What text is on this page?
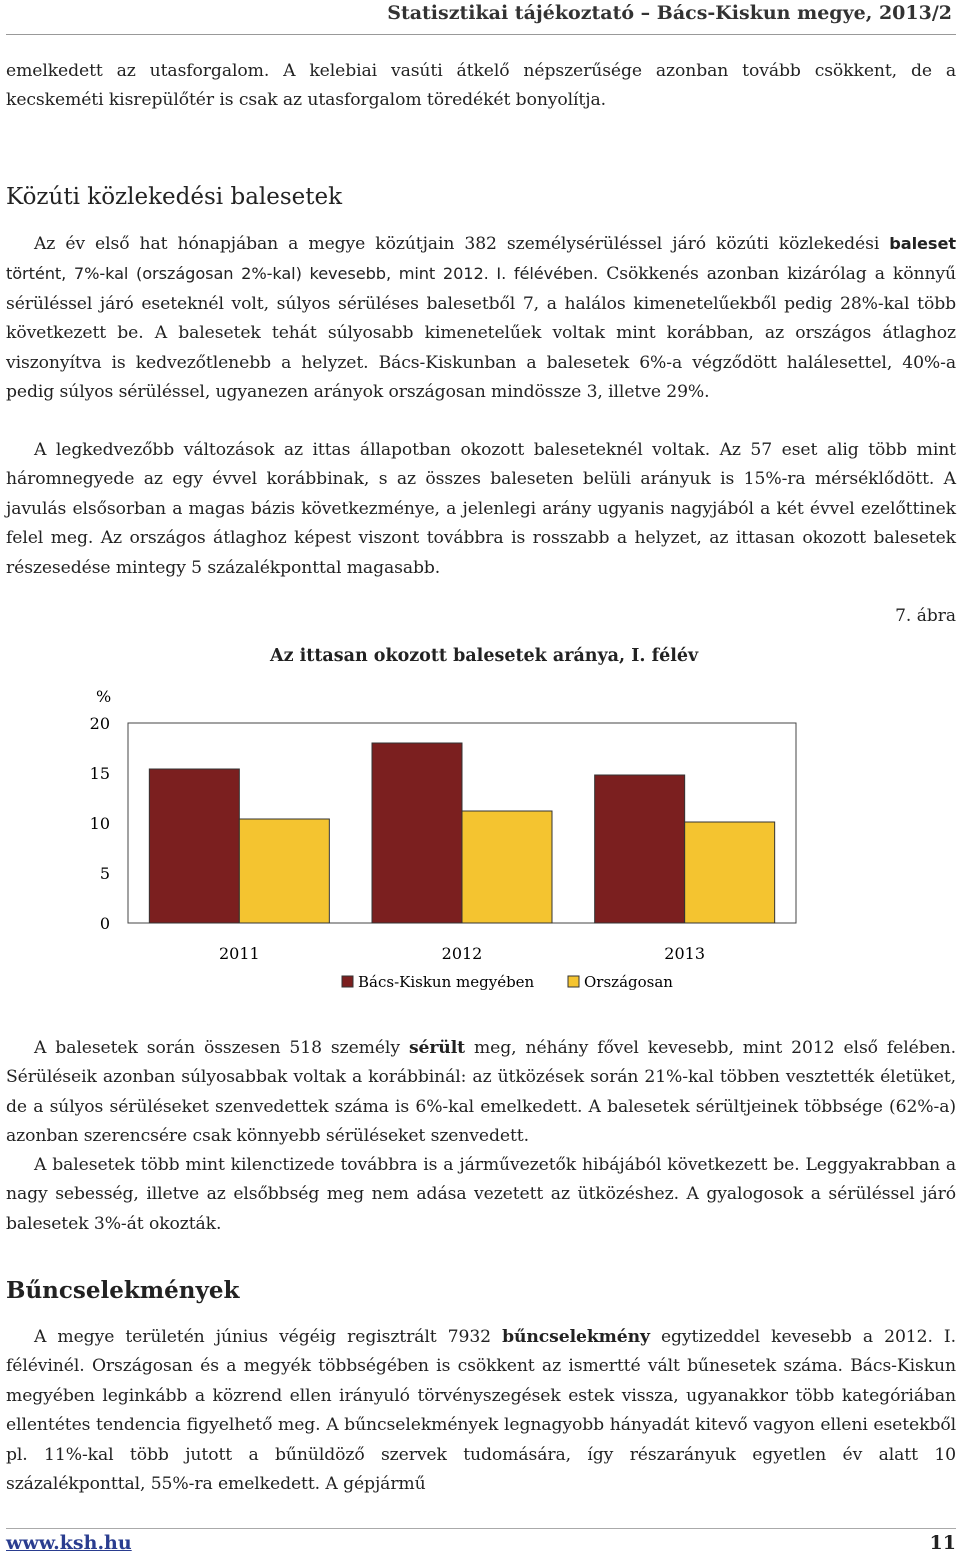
Statisztikai tájékoztató – Bács-Kiskun megye, 2013/2

emelkedett az utasforgalom. A kelebiai vasúti átkelő népszerűsége azonban tovább csökkent, de a kecskeméti kisrepülőtér is csak az utasforgalom töredékét bonyolítja.

Közúti közlekedési balesetek

Az év első hat hónapjában a megye közútjain 382 személysérüléssel járó közúti közlekedési baleset történt, 7%-kal (országosan 2%-kal) kevesebb, mint 2012. I. félévében. Csökkenés azonban kizárólag a könnyű sérüléssel járó eseteknél volt, súlyos sérüléses balesetből 7, a halálos kimenetelűekből pedig 28%-kal több következett be. A balesetek tehát súlyosabb kimenetelűek voltak mint korábban, az országos átlaghoz viszonyítva is kedvezőtlenebb a helyzet. Bács-Kiskunban a balesetek 6%-a végződött halálesettel, 40%-a pedig súlyos sérüléssel, ugyanezen arányok országosan mindössze 3, illetve 29%.

A legkedvezőbb változások az ittas állapotban okozott baleseteknél voltak. Az 57 eset alig több mint háromnegyede az egy évvel korábbinak, s az összes baleseten belüli arányuk is 15%-ra mérséklődött. A javulás elsősorban a magas bázis következménye, a jelenlegi arány ugyanis nagyjából a két évvel ezelőttinek felel meg. Az országos átlaghoz képest viszont továbbra is rosszabb a helyzet, az ittasan okozott balesetek részesedése mintegy 5 százalékponttal magasabb.

7. ábra
Az ittasan okozott balesetek aránya, I. félév
%
0
5
10
15
20
2011	2012	2013
Bács-Kiskun megyében	Országosan

A balesetek során összesen 518 személy sérült meg, néhány fővel kevesebb, mint 2012 első felében. Sérüléseik azonban súlyosabbak voltak a korábbinál: az ütközések során 21%-kal többen vesztették életüket, de a súlyos sérüléseket szenvedettek száma is 6%-kal emelkedett. A balesetek sérültjeinek többsége (62%-a) azonban szerencsére csak könnyebb sérüléseket szenvedett.

A balesetek több mint kilenctizede továbbra is a járművezetők hibájából következett be. Leggyakrabban a nagy sebesség, illetve az elsőbbség meg nem adása vezetett az ütközéshez. A gyalogosok a sérüléssel járó balesetek 3%-át okozták.

Bűncselekmények

A megye területén június végéig regisztrált 7932 bűncselekmény egytizeddel kevesebb a 2012. I. félévinél. Országosan és a megyék többségében is csökkent az ismertté vált bűnesetek száma. Bács-Kiskun megyében leginkább a közrend ellen irányuló törvényszegések estek vissza, ugyanakkor több kategóriában ellentétes tendencia figyelhető meg. A bűncselekmények legnagyobb hányadát kitevő vagyon elleni esetekből pl. 11%-kal több jutott a bűnüldöző szervek tudomására, így részarányuk egyetlen év alatt 10 százalékponttal, 55%-ra emelkedett. A gépjármű

www.ksh.hu	11
